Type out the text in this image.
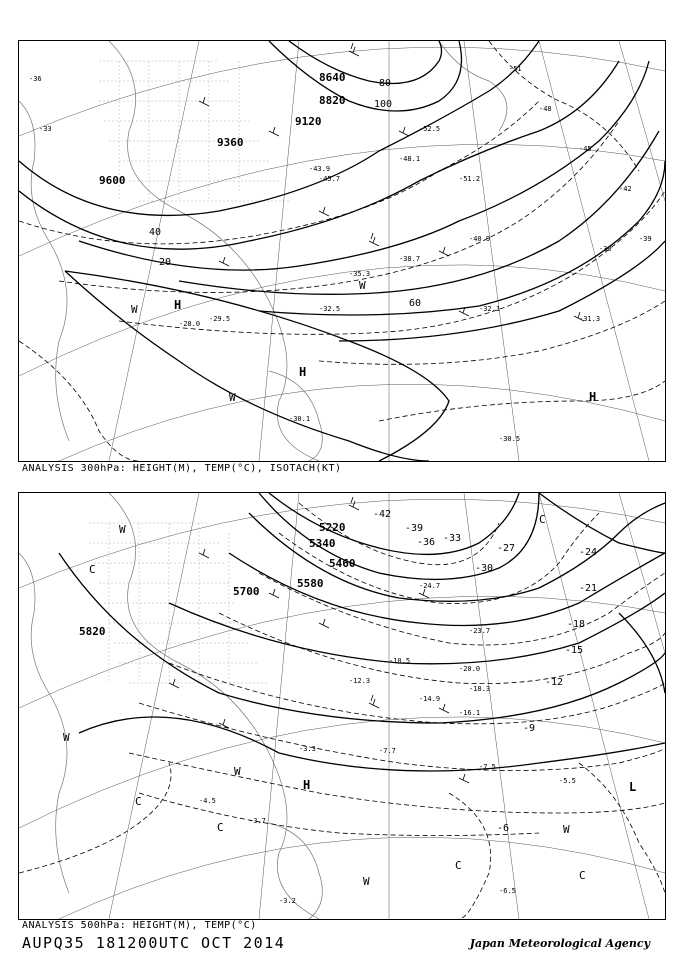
8640
8820
9120
9360
9600
20
40
60
80
100
-51
-48
-45
-42
-39
-36
-33
-30
-52.5
-51.2
-48.1
-45.7
-43.9
-40.9
-38.7
-35.3
-32.1
-31.3
-30.5
-29.5
-28.0
-30.1
-32.5
H
H
H
W
W
W
ANALYSIS 300hPa: HEIGHT(M), TEMP(°C), ISOTACH(KT)
5220
5340
5460
5580
5700
5820
-42
-39
-36 -33
-30
-27	-24
-21
-18
-15
-12
-9
-6
-24.7
-23.7
-20.0
-18.3
-16.1
-14.9
-12.3
-10.5
-7.7
-7.5
-6.5
-5.5
-4.5
-3.3
-3.2
-3.7
H	L
W
W
W
W
W
C
C
C
C
C
C
ANALYSIS 500hPa: HEIGHT(M), TEMP(°C)
AUPQ35 181200UTC OCT 2014	Japan Meteorological Agency
